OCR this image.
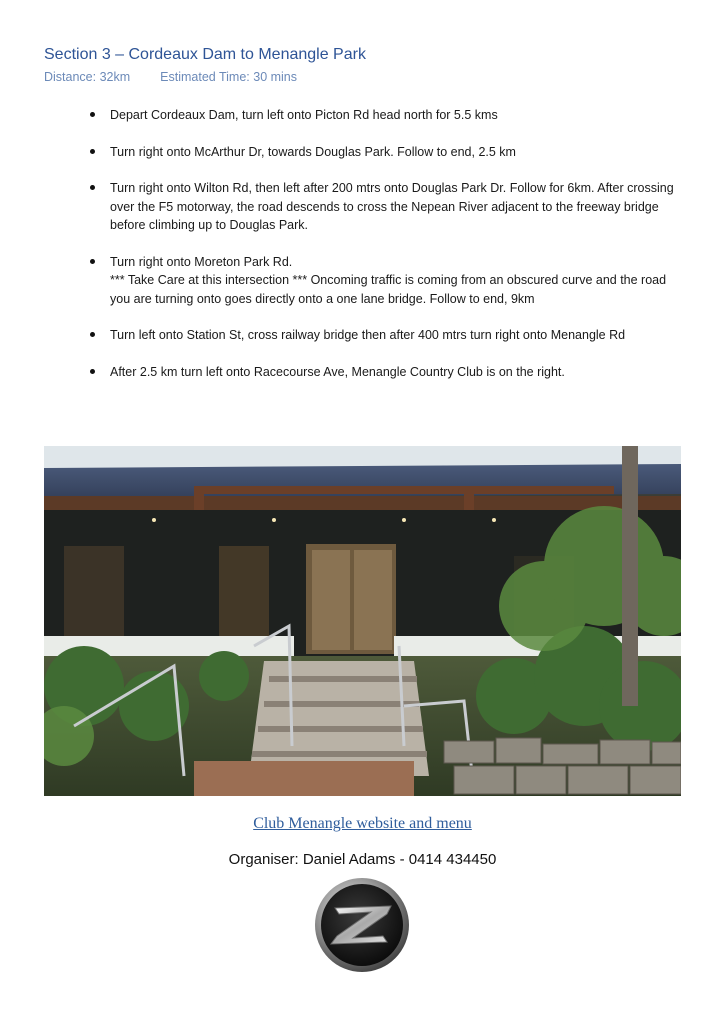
Section 3 – Cordeaux Dam to Menangle Park
Distance: 32km Estimated Time: 30 mins
Depart Cordeaux Dam, turn left onto Picton Rd head north for 5.5 kms
Turn right onto McArthur Dr, towards Douglas Park. Follow to end, 2.5 km
Turn right onto Wilton Rd, then left after 200 mtrs onto Douglas Park Dr. Follow for 6km. After crossing over the F5 motorway, the road descends to cross the Nepean River adjacent to the freeway bridge before climbing up to Douglas Park.
Turn right onto Moreton Park Rd.
*** Take Care at this intersection *** Oncoming traffic is coming from an obscured curve and the road you are turning onto goes directly onto a one lane bridge. Follow to end, 9km
Turn left onto Station St, cross railway bridge then after 400 mtrs turn right onto Menangle Rd
After 2.5 km turn left onto Racecourse Ave, Menangle Country Club is on the right.
Club Menangle website and menu
Organiser: Daniel Adams - 0414 434450
